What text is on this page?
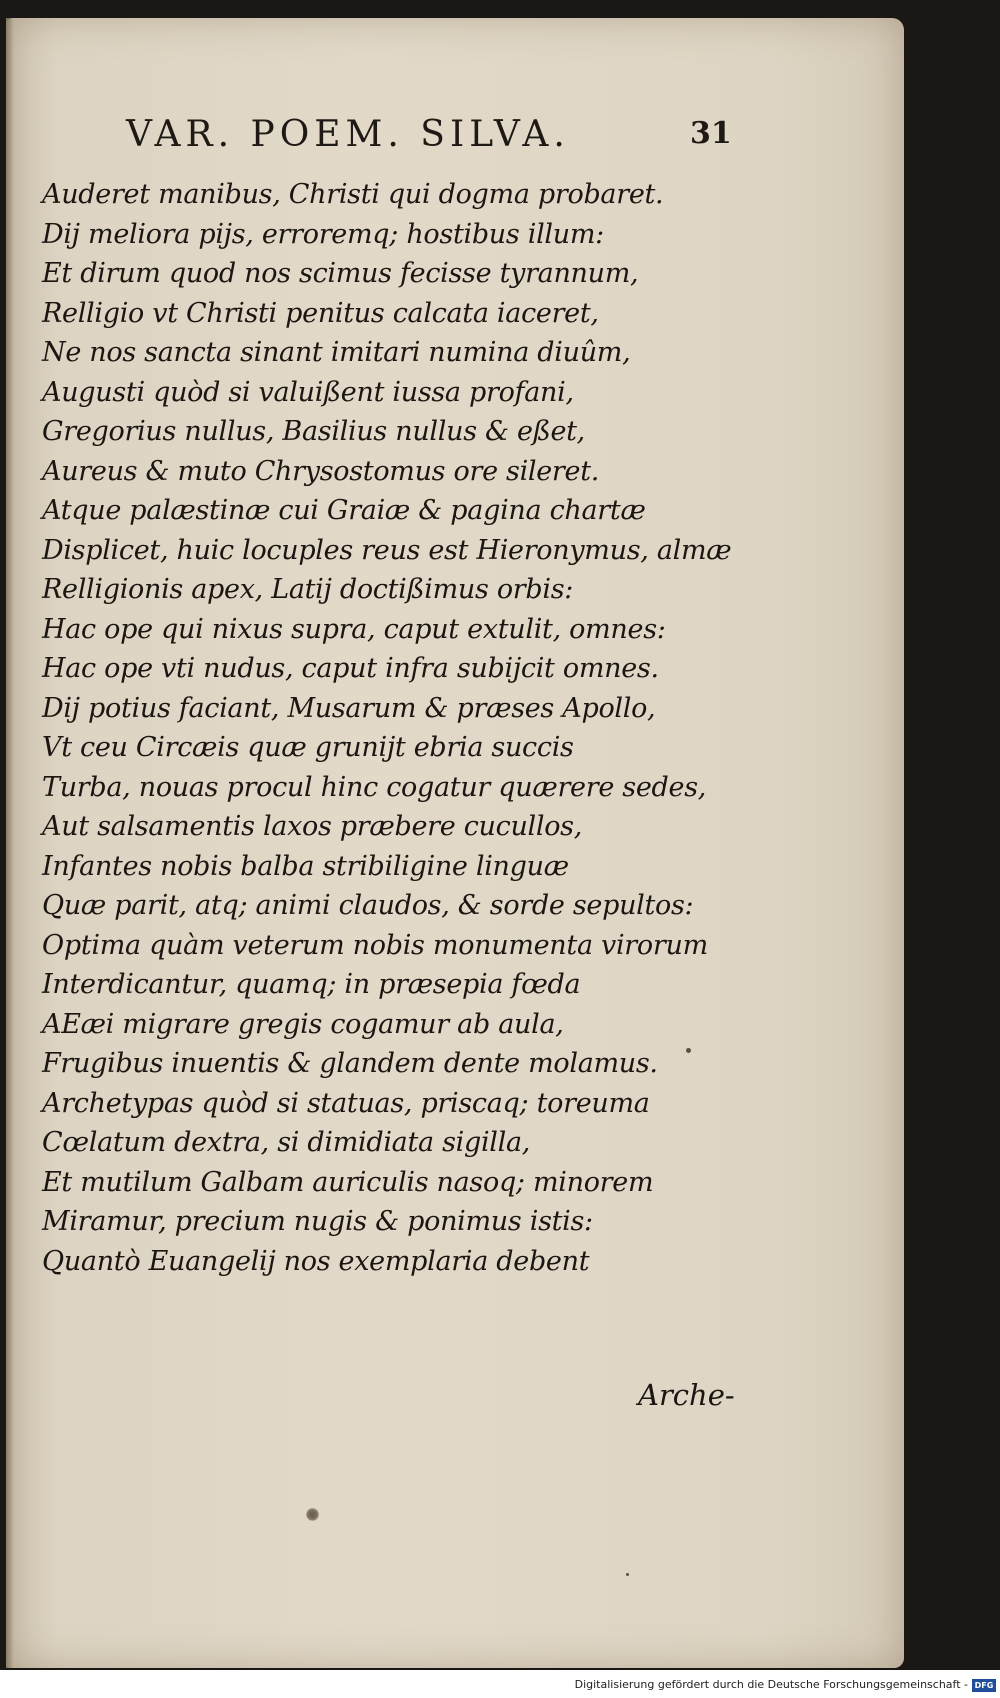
VAR. POEM. SILVA.	31
Auderet manibus, Christi qui dogma probaret.
Dij meliora pijs, erroremq; hostibus illum:
Et dirum quod nos scimus fecisse tyrannum,
Relligio vt Christi penitus calcata iaceret,
Ne nos sancta sinant imitari numina diuûm,
Augusti quòd si valuißent iussa profani,
Gregorius nullus, Basilius nullus & eßet,
Aureus & muto Chrysostomus ore sileret.
Atque palæstinæ cui Graiæ & pagina chartæ
Displicet, huic locuples reus est Hieronymus, almæ
Relligionis apex, Latij doctißimus orbis:
Hac ope qui nixus supra, caput extulit, omnes:
Hac ope vti nudus, caput infra subijcit omnes.
Dij potius faciant, Musarum & præses Apollo,
Vt ceu Circæis quæ grunijt ebria succis
Turba, nouas procul hinc cogatur quærere sedes,
Aut salsamentis laxos præbere cucullos,
Infantes nobis balba stribiligine linguæ
Quæ parit, atq; animi claudos, & sorde sepultos:
Optima quàm veterum nobis monumenta virorum
Interdicantur, quamq; in præsepia fœda
AEæi migrare gregis cogamur ab aula,
Frugibus inuentis & glandem dente molamus.
Archetypas quòd si statuas, priscaq; toreuma
Cœlatum dextra, si dimidiata sigilla,
Et mutilum Galbam auriculis nasoq; minorem
Miramur, precium nugis & ponimus istis:
Quantò Euangelij nos exemplaria debent
Arche-
Digitalisierung gefördert durch die Deutsche Forschungsgemeinschaft - DFG
